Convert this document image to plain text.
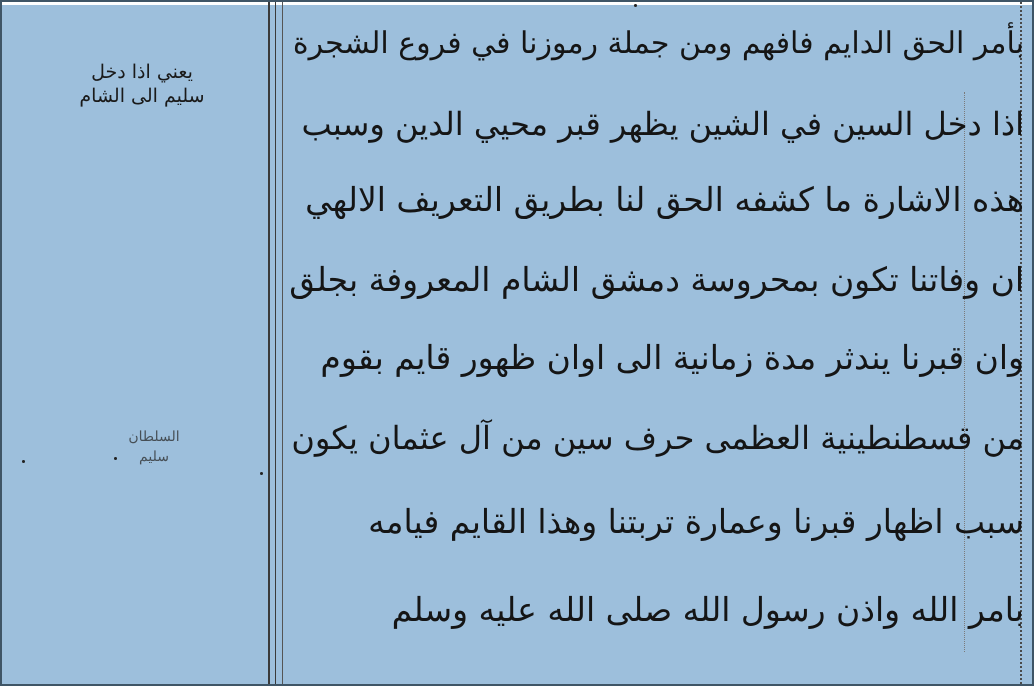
يعني اذا دخل
سليم الى الشام
السلطان
سليم
بأمر الحق الدايم فافهم ومن جملة رموزنا في فروع الشجرة
اذا دخل السين في الشين يظهر قبر محيي الدين وسبب
هذه الاشارة ما كشفه الحق لنا بطريق التعريف الالهي
ان وفاتنا تكون بمحروسة دمشق الشام المعروفة بجلق
وان قبرنا يندثر مدة زمانية الى اوان ظهور قايم بقوم
من قسطنطينية العظمى حرف سين من آل عثمان يكون
سبب اظهار قبرنا وعمارة تربتنا وهذا القايم فيامه
بامر الله واذن رسول الله صلى الله عليه وسلم
